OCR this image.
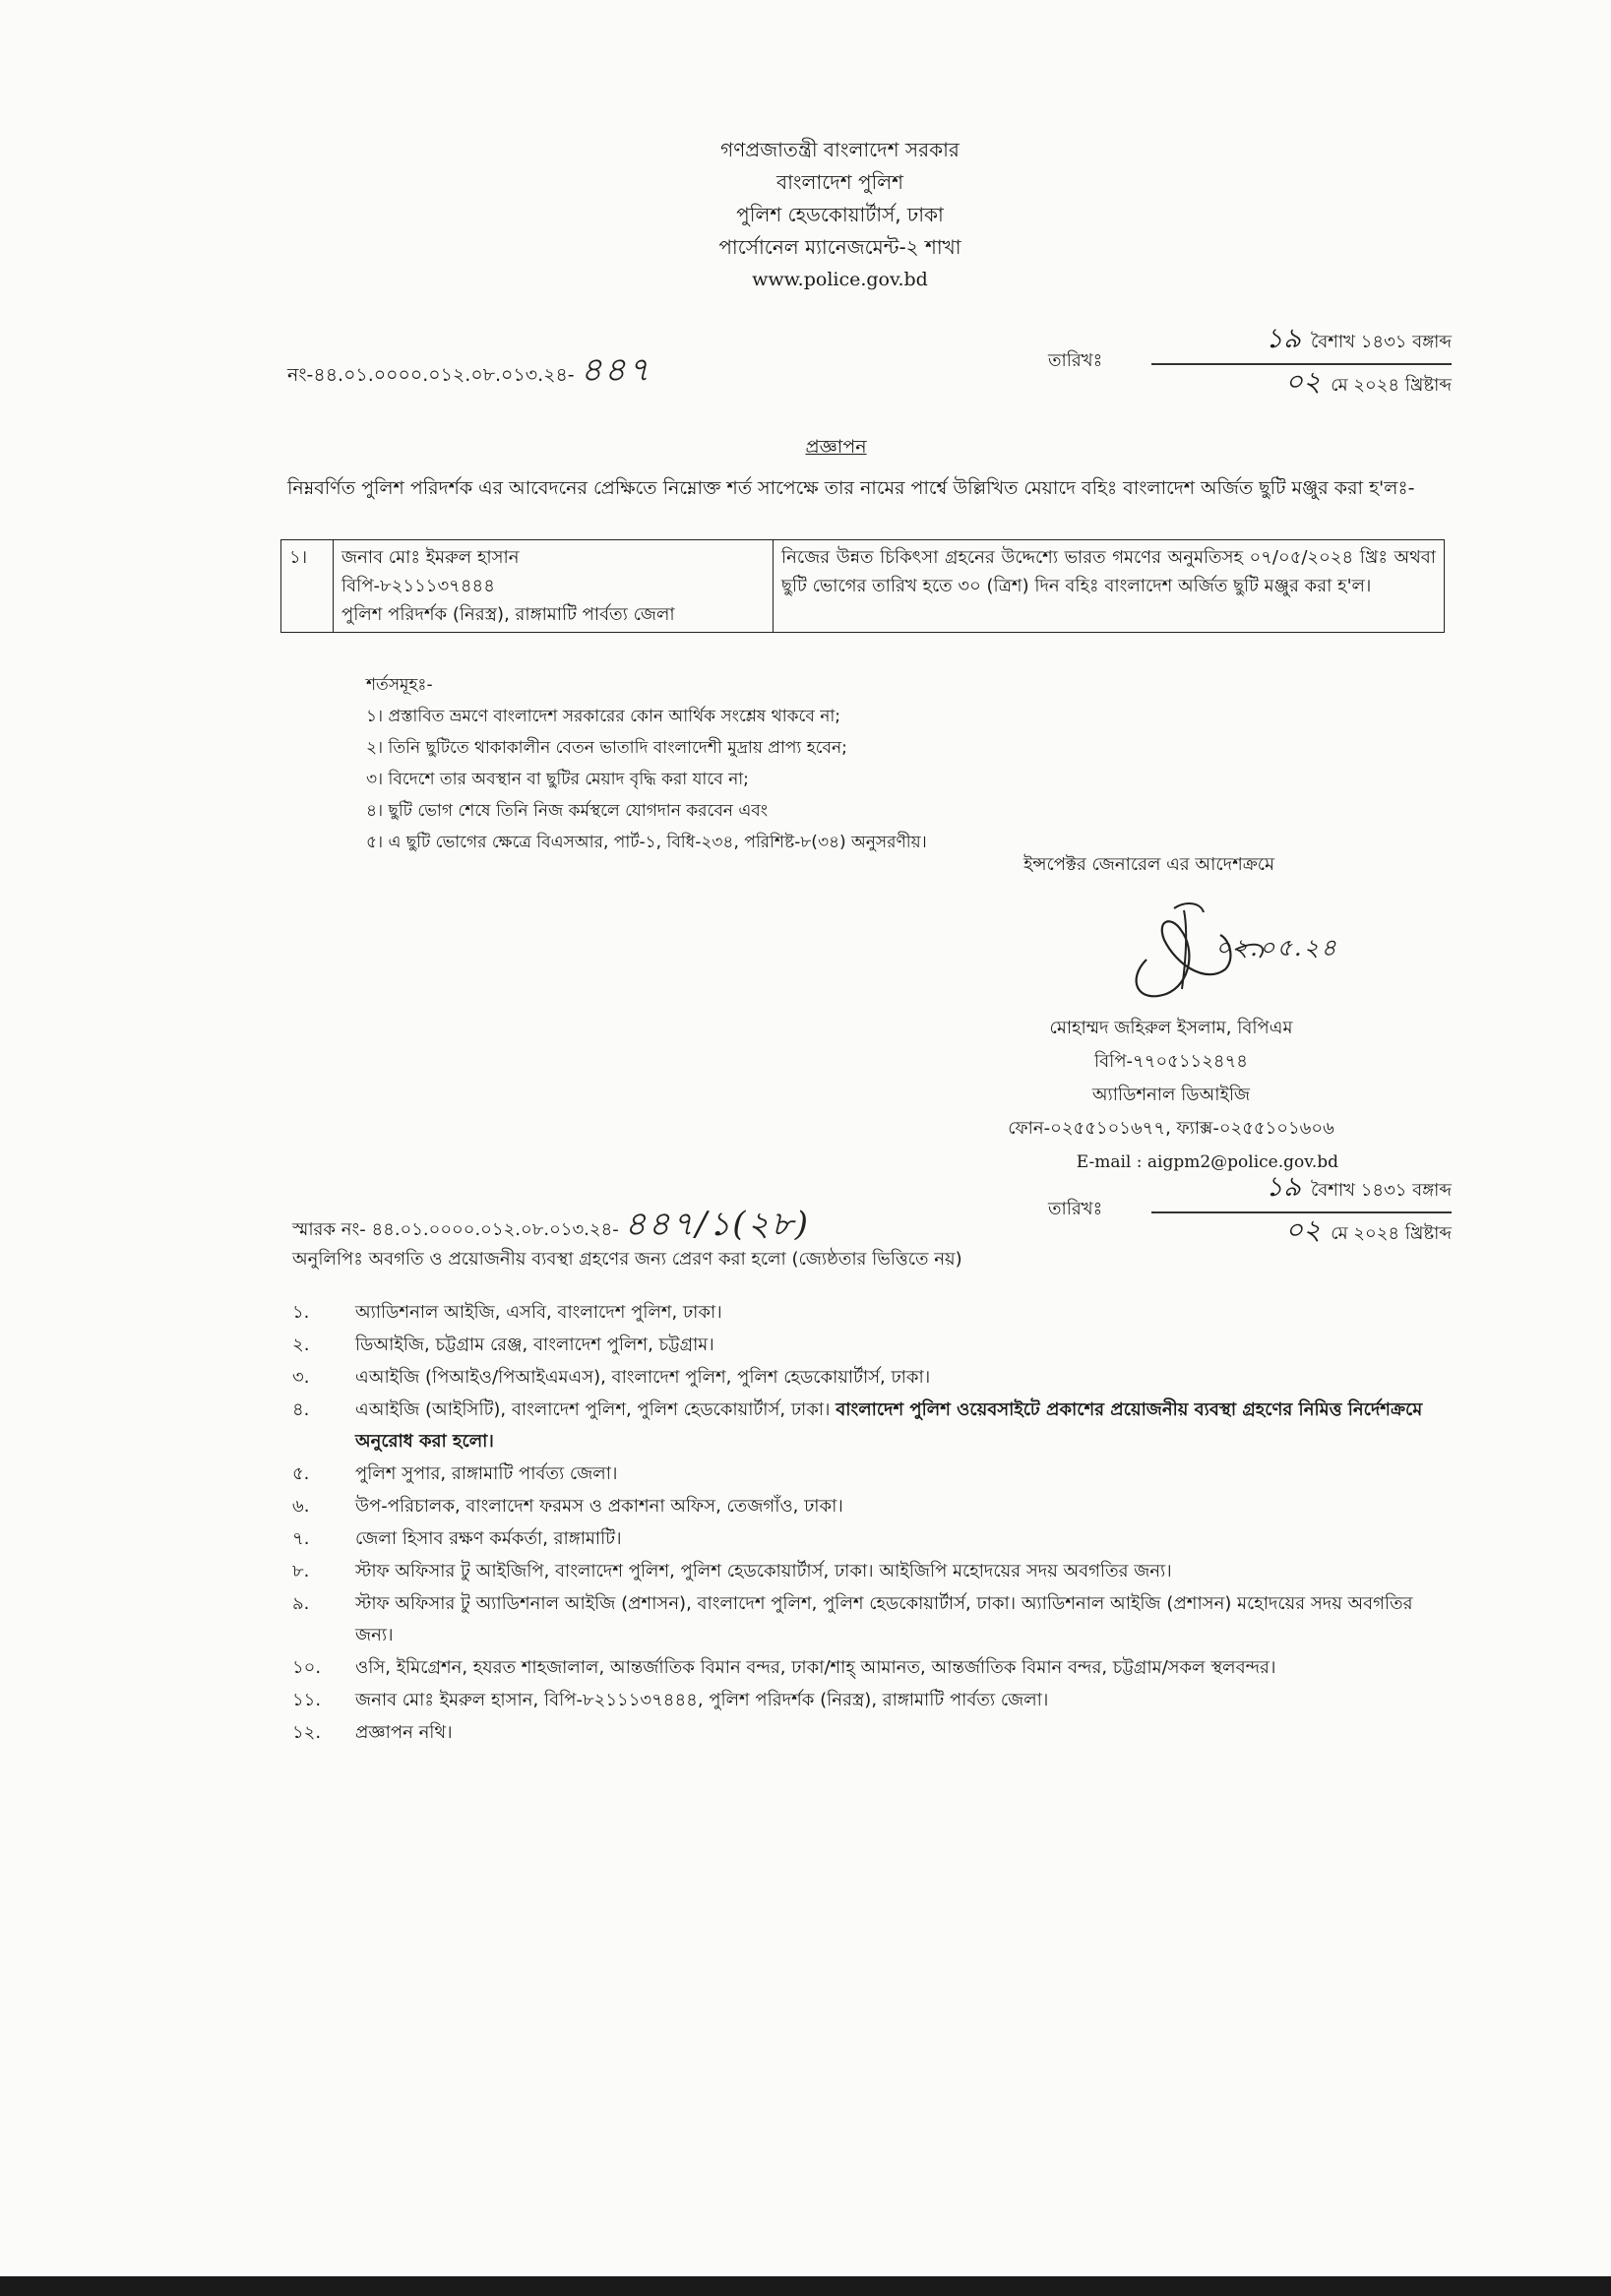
গণপ্রজাতন্ত্রী বাংলাদেশ সরকার
বাংলাদেশ পুলিশ
পুলিশ হেডকোয়ার্টার্স, ঢাকা
পার্সোনেল ম্যানেজমেন্ট-২ শাখা
www.police.gov.bd
নং-৪৪.০১.০০০০.০১২.০৮.০১৩.২৪- ৪৪৭	তারিখঃ
১৯ বৈশাখ ১৪৩১ বঙ্গাব্দ
০২ মে ২০২৪ খ্রিষ্টাব্দ
প্রজ্ঞাপন
নিম্নবর্ণিত পুলিশ পরিদর্শক এর আবেদনের প্রেক্ষিতে নিম্নোক্ত শর্ত সাপেক্ষে তার নামের পার্শ্বে উল্লিখিত মেয়াদে বহিঃ বাংলাদেশ অর্জিত ছুটি মঞ্জুর করা হ'লঃ-
১।	জনাব মোঃ ইমরুল হাসান
বিপি-৮২১১১৩৭৪৪৪
পুলিশ পরিদর্শক (নিরস্ত্র), রাঙ্গামাটি পার্বত্য জেলা
	নিজের উন্নত চিকিৎসা গ্রহনের উদ্দেশ্যে ভারত গমণের অনুমতিসহ ০৭/০৫/২০২৪ খ্রিঃ অথবা ছুটি ভোগের তারিখ হতে ৩০ (ত্রিশ) দিন বহিঃ বাংলাদেশ অর্জিত ছুটি মঞ্জুর করা হ'ল।
শর্তসমূহঃ-
১। প্রস্তাবিত ভ্রমণে বাংলাদেশ সরকারের কোন আর্থিক সংশ্লেষ থাকবে না;
২। তিনি ছুটিতে থাকাকালীন বেতন ভাতাদি বাংলাদেশী মুদ্রায় প্রাপ্য হবেন;
৩। বিদেশে তার অবস্থান বা ছুটির মেয়াদ বৃদ্ধি করা যাবে না;
৪। ছুটি ভোগ শেষে তিনি নিজ কর্মস্থলে যোগদান করবেন এবং
৫। এ ছুটি ভোগের ক্ষেত্রে বিএসআর, পার্ট-১, বিধি-২৩৪, পরিশিষ্ট-৮(৩৪) অনুসরণীয়।
ইন্সপেক্টর জেনারেল এর আদেশক্রমে
০২.০৫.২৪
মোহাম্মদ জহিরুল ইসলাম, বিপিএম
বিপি-৭৭০৫১১২৪৭৪
অ্যাডিশনাল ডিআইজি
ফোন-০২৫৫১০১৬৭৭, ফ্যাক্স-০২৫৫১০১৬০৬
E-mail : aigpm2@police.gov.bd
স্মারক নং- ৪৪.০১.০০০০.০১২.০৮.০১৩.২৪- ৪৪৭/১(২৮)	তারিখঃ
১৯ বৈশাখ ১৪৩১ বঙ্গাব্দ
০২ মে ২০২৪ খ্রিষ্টাব্দ
অনুলিপিঃ অবগতি ও প্রয়োজনীয় ব্যবস্থা গ্রহণের জন্য প্রেরণ করা হলো (জ্যেষ্ঠতার ভিত্তিতে নয়)
১.	অ্যাডিশনাল আইজি, এসবি, বাংলাদেশ পুলিশ, ঢাকা।
২.	ডিআইজি, চট্টগ্রাম রেঞ্জ, বাংলাদেশ পুলিশ, চট্টগ্রাম।
৩.	এআইজি (পিআইও/পিআইএমএস), বাংলাদেশ পুলিশ, পুলিশ হেডকোয়ার্টার্স, ঢাকা।
৪.	এআইজি (আইসিটি), বাংলাদেশ পুলিশ, পুলিশ হেডকোয়ার্টার্স, ঢাকা। বাংলাদেশ পুলিশ ওয়েবসাইটে প্রকাশের প্রয়োজনীয় ব্যবস্থা গ্রহণের নিমিত্ত নির্দেশক্রমে অনুরোধ করা হলো।
৫.	পুলিশ সুপার, রাঙ্গামাটি পার্বত্য জেলা।
৬.	উপ-পরিচালক, বাংলাদেশ ফরমস ও প্রকাশনা অফিস, তেজগাঁও, ঢাকা।
৭.	জেলা হিসাব রক্ষণ কর্মকর্তা, রাঙ্গামাটি।
৮.	স্টাফ অফিসার টু আইজিপি, বাংলাদেশ পুলিশ, পুলিশ হেডকোয়ার্টার্স, ঢাকা। আইজিপি মহোদয়ের সদয় অবগতির জন্য।
৯.	স্টাফ অফিসার টু অ্যাডিশনাল আইজি (প্রশাসন), বাংলাদেশ পুলিশ, পুলিশ হেডকোয়ার্টার্স, ঢাকা। অ্যাডিশনাল আইজি (প্রশাসন) মহোদয়ের সদয় অবগতির জন্য।
১০.	ওসি, ইমিগ্রেশন, হযরত শাহজালাল, আন্তর্জাতিক বিমান বন্দর, ঢাকা/শাহ্ আমানত, আন্তর্জাতিক বিমান বন্দর, চট্টগ্রাম/সকল স্থলবন্দর।
১১.	জনাব মোঃ ইমরুল হাসান, বিপি-৮২১১১৩৭৪৪৪, পুলিশ পরিদর্শক (নিরস্ত্র), রাঙ্গামাটি পার্বত্য জেলা।
১২.	প্রজ্ঞাপন নথি।
